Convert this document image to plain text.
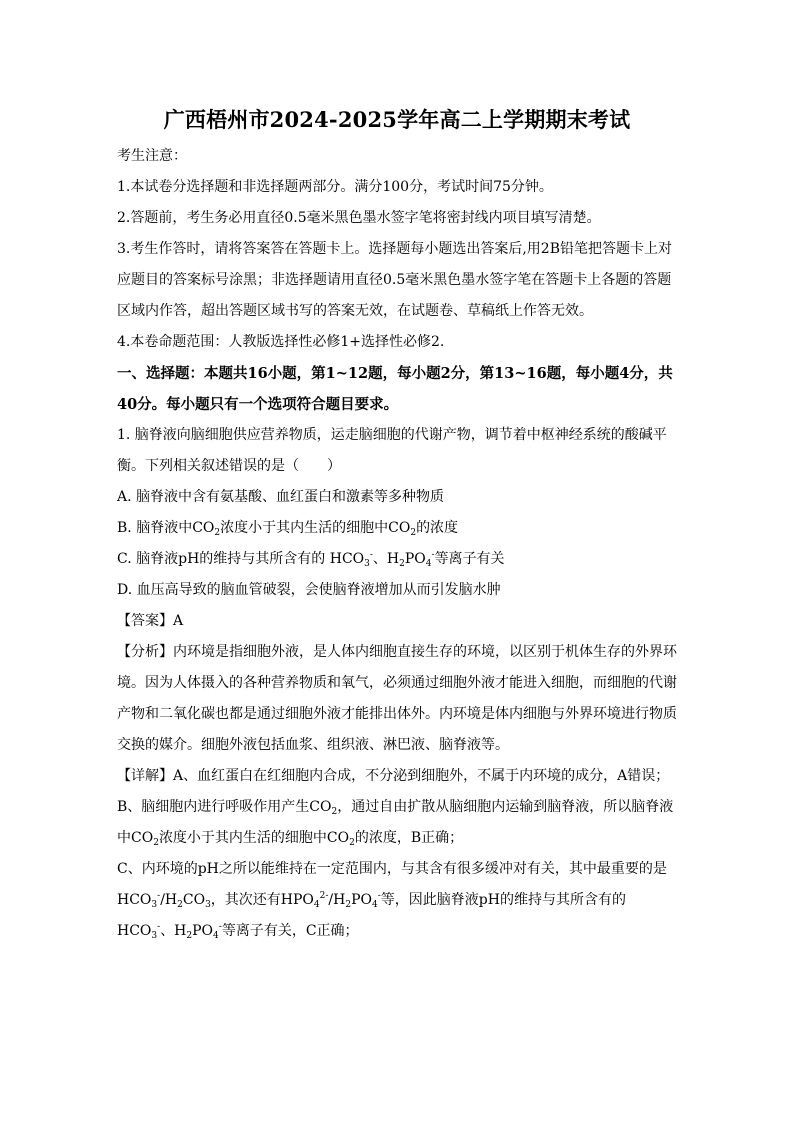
广西梧州市2024-2025学年高二上学期期末考试

考生注意：

1.本试卷分选择题和非选择题两部分。满分100分，考试时间75分钟。

2.答题前，考生务必用直径0.5毫米黑色墨水签字笔将密封线内项目填写清楚。

3.考生作答时，请将答案答在答题卡上。选择题每小题选出答案后,用2B铅笔把答题卡上对应题目的答案标号涂黑；非选择题请用直径0.5毫米黑色墨水签字笔在答题卡上各题的答题区域内作答，超出答题区域书写的答案无效，在试题卷、草稿纸上作答无效。

4.本卷命题范围：人教版选择性必修1+选择性必修2.

一、选择题：本题共16小题，第1~12题，每小题2分，第13~16题，每小题4分，共40分。每小题只有一个选项符合题目要求。

1. 脑脊液向脑细胞供应营养物质，运走脑细胞的代谢产物，调节着中枢神经系统的酸碱平衡。下列相关叙述错误的是（　　）

A. 脑脊液中含有氨基酸、血红蛋白和激素等多种物质

B. 脑脊液中$CO_2$浓度小于其内生活的细胞中$CO_2$的浓度

C. 脑脊液pH的维持与其所含有的 $HCO_3^-$、$H_2PO_4^-$等离子有关

D. 血压高导致的脑血管破裂，会使脑脊液增加从而引发脑水肿

【答案】A

【分析】内环境是指细胞外液，是人体内细胞直接生存的环境，以区别于机体生存的外界环境。因为人体摄入的各种营养物质和氧气，必须通过细胞外液才能进入细胞，而细胞的代谢产物和二氧化碳也都是通过细胞外液才能排出体外。内环境是体内细胞与外界环境进行物质交换的媒介。细胞外液包括血浆、组织液、淋巴液、脑脊液等。

【详解】A、血红蛋白在红细胞内合成，不分泌到细胞外，不属于内环境的成分，A错误；

B、脑细胞内进行呼吸作用产生$CO_2$，通过自由扩散从脑细胞内运输到脑脊液，所以脑脊液中$CO_2$浓度小于其内生活的细胞中$CO_2$的浓度，B正确；

C、内环境的pH之所以能维持在一定范围内，与其含有很多缓冲对有关，其中最重要的是$HCO_3^-/H_2CO_3$，其次还有$HPO_4^{2-}/H_2PO_4^-$等，因此脑脊液pH的维持与其所含有的$HCO_3^-$、$H_2PO_4^-$等离子有关，C正确；
